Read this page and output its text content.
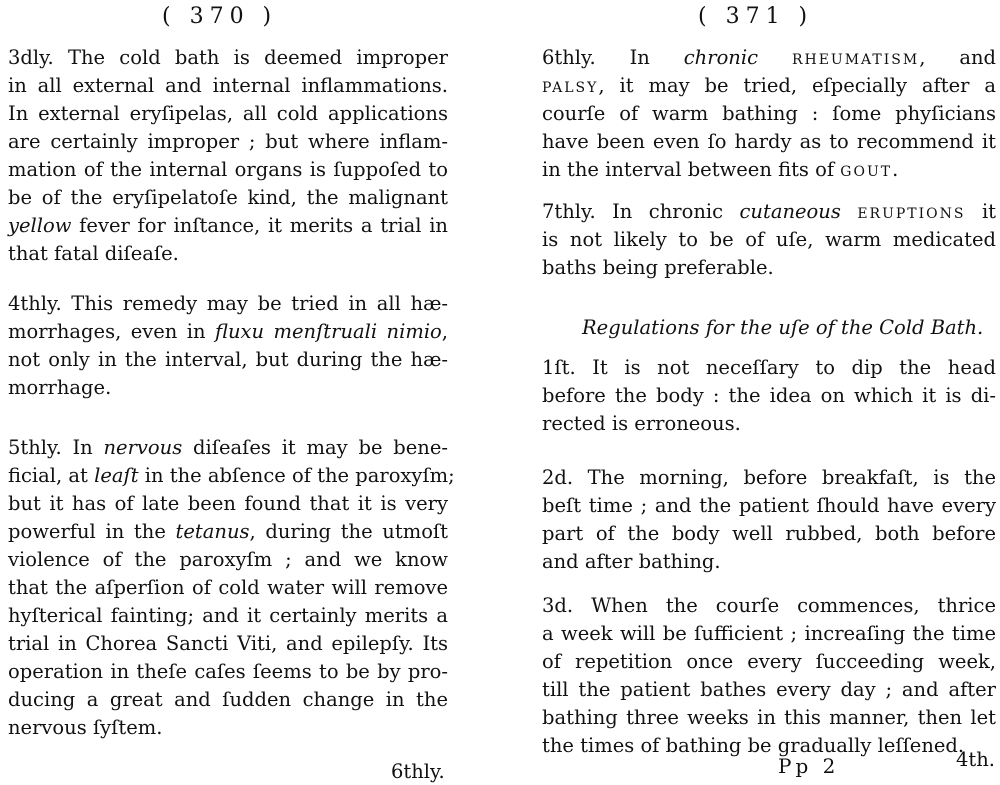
( 370 )
3dly. The cold bath is deemed improper
in all external and internal inflammations.
In external eryſipelas, all cold applications
are certainly improper ; but where inflam-
mation of the internal organs is ſuppoſed to
be of the eryſipelatoſe kind, the malignant
yellow fever for inſtance, it merits a trial in
that fatal diſeaſe.
4thly. This remedy may be tried in all hæ-
morrhages, even in fluxu menſtruali nimio,
not only in the interval, but during the hæ-
morrhage.
5thly. In nervous diſeaſes it may be bene-
ficial, at leaſt in the abſence of the paroxyſm;
but it has of late been found that it is very
powerful in the tetanus, during the utmoſt
violence of the paroxyſm ; and we know
that the aſperſion of cold water will remove
hyſterical fainting; and it certainly merits a
trial in Chorea Sancti Viti, and epilepſy. Its
operation in theſe caſes ſeems to be by pro-
ducing a great and ſudden change in the
nervous ſyſtem.
6thly.
( 371 )
6thly. In chronic rheumatism, and
palsy, it may be tried, eſpecially after a
courſe of warm bathing : ſome phyſicians
have been even ſo hardy as to recommend it
in the interval between fits of gout.
7thly. In chronic cutaneous eruptions it
is not likely to be of uſe, warm medicated
baths being preferable.
Regulations for the uſe of the Cold Bath.
1ſt. It is not neceſſary to dip the head
before the body : the idea on which it is di-
rected is erroneous.
2d. The morning, before breakfaſt, is the
beſt time ; and the patient ſhould have every
part of the body well rubbed, both before
and after bathing.
3d. When the courſe commences, thrice
a week will be ſufficient ; increaſing the time
of repetition once every ſucceeding week,
till the patient bathes every day ; and after
bathing three weeks in this manner, then let
the times of bathing be gradually leſſened.
Pp 2	4th.
